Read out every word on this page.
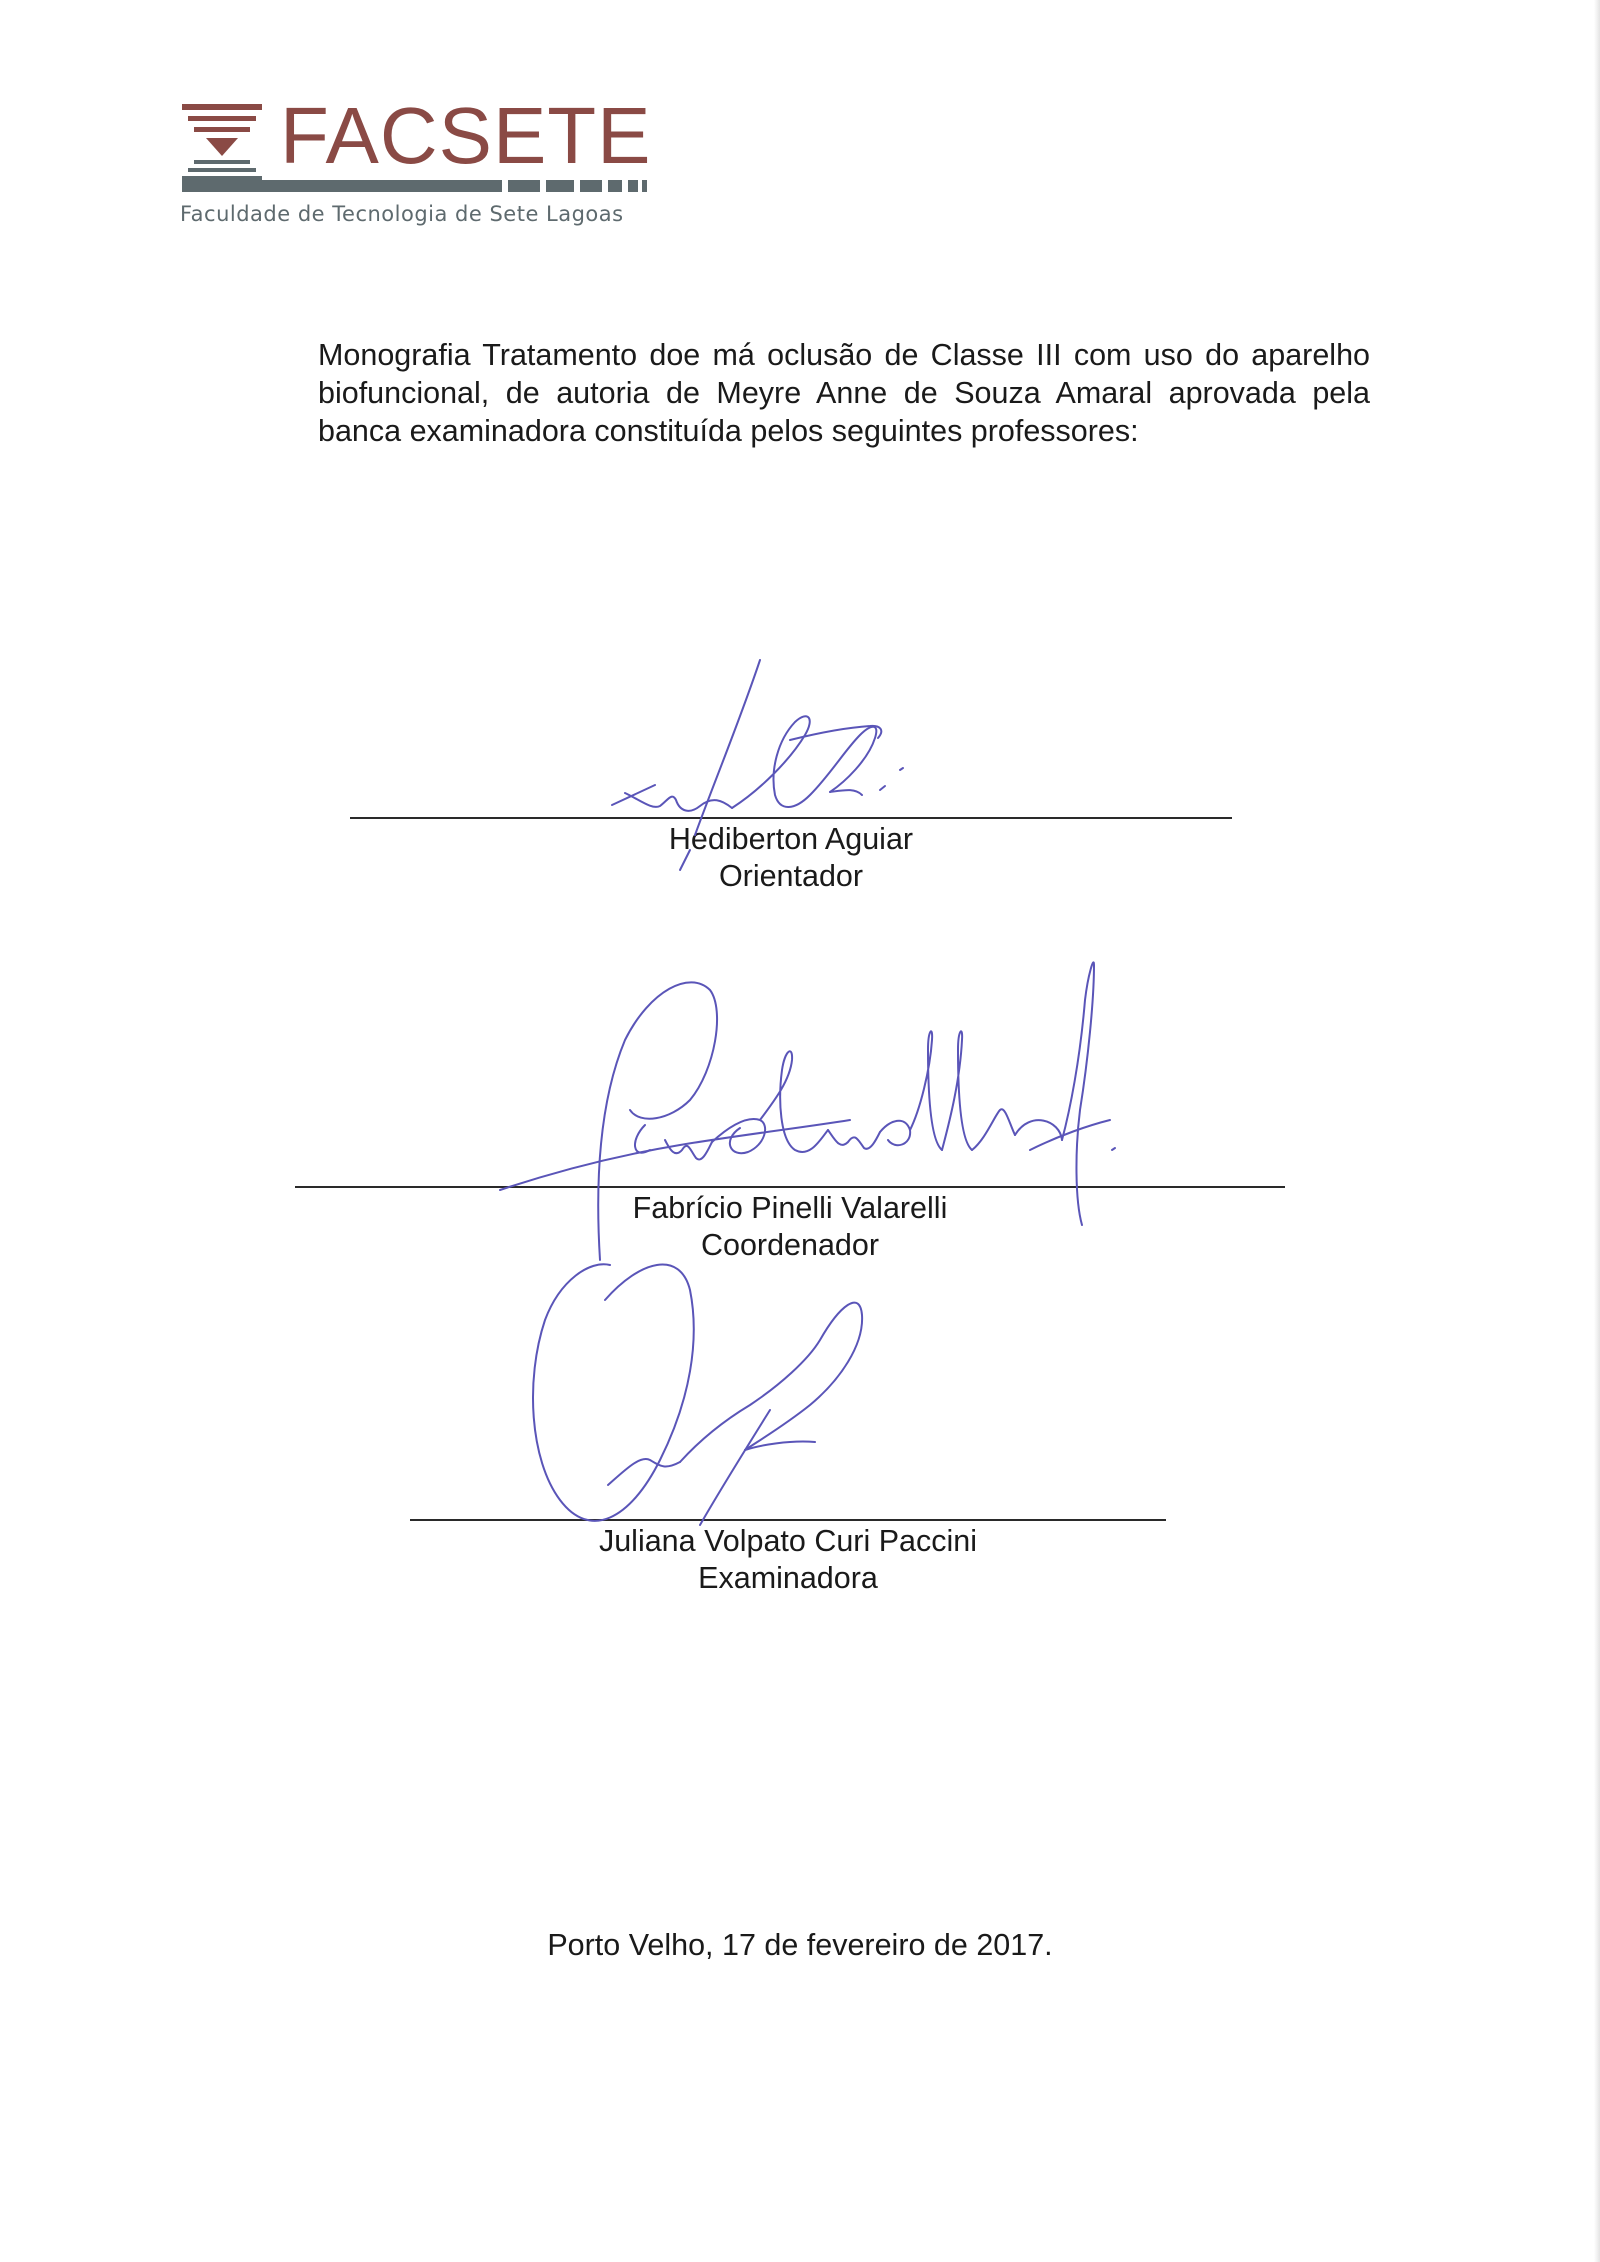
FACSETE
Faculdade de Tecnologia de Sete Lagoas
Monografia Tratamento doe má oclusão de Classe III com uso do aparelho
biofuncional, de autoria de Meyre Anne de Souza Amaral aprovada pela
banca examinadora constituída pelos seguintes professores:
Hediberton Aguiar
Orientador
Fabrício Pinelli Valarelli
Coordenador
Juliana Volpato Curi Paccini
Examinadora
Porto Velho, 17 de fevereiro de 2017.
